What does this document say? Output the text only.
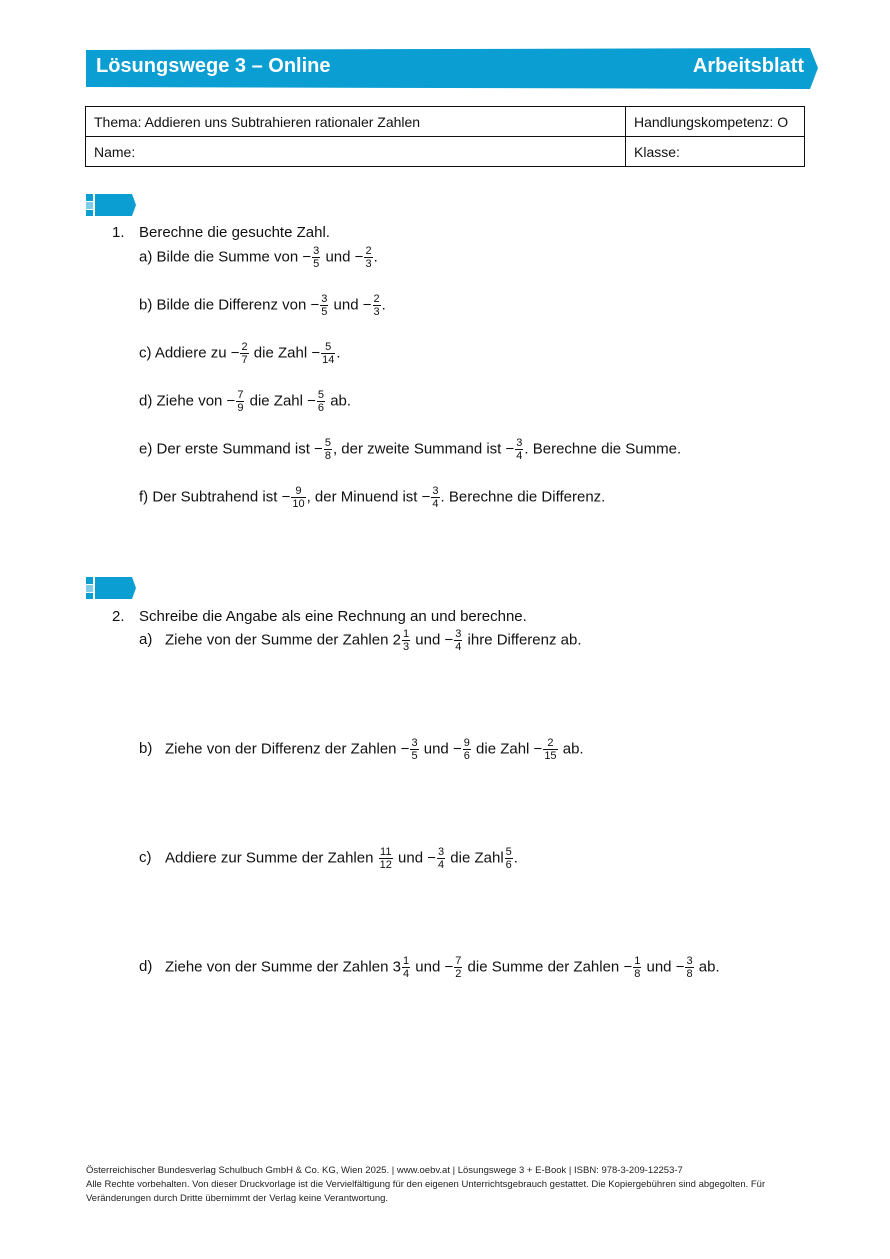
Lösungswege 3 – Online	Arbeitsblatt
Thema: Addieren uns Subtrahieren rationaler Zahlen	Handlungskompetenz: O
Name:	Klasse:
1. Berechne die gesuchte Zahl.
a) Bilde die Summe von − $\frac{3}{5}$ und − $\frac{2}{3}$ .
b) Bilde die Differenz von − $\frac{3}{5}$ und − $\frac{2}{3}$ .
c) Addiere zu − $\frac{2}{7}$ die Zahl − $\frac{5}{14}$ .
d) Ziehe von − $\frac{7}{9}$ die Zahl − $\frac{5}{6}$ ab.
e) Der erste Summand ist − $\frac{5}{8}$ , der zweite Summand ist − $\frac{3}{4}$ . Berechne die Summe.
f) Der Subtrahend ist − $\frac{9}{10}$ , der Minuend ist − $\frac{3}{4}$ . Berechne die Differenz.
2. Schreibe die Angabe als eine Rechnung an und berechne.
a) Ziehe von der Summe der Zahlen $2 \frac{1}{3}$ und − $\frac{3}{4}$ ihre Differenz ab.
b) Ziehe von der Differenz der Zahlen − $\frac{3}{5}$ und − $\frac{9}{6}$ die Zahl − $\frac{2}{15}$ ab.
c) Addiere zur Summe der Zahlen $\frac{11}{12}$ und − $\frac{3}{4}$ die Zahl $\frac{5}{6}$ .
d) Ziehe von der Summe der Zahlen $3 \frac{1}{4}$ und − $\frac{7}{2}$ die Summe der Zahlen − $\frac{1}{8}$ und − $\frac{3}{8}$ ab.
Österreichischer Bundesverlag Schulbuch GmbH & Co. KG, Wien 2025. | www.oebv.at | Lösungswege 3 + E-Book | ISBN: 978-3-209-12253-7
Alle Rechte vorbehalten. Von dieser Druckvorlage ist die Vervielfältigung für den eigenen Unterrichtsgebrauch gestattet. Die Kopiergebühren sind abgegolten. Für Veränderungen durch Dritte übernimmt der Verlag keine Verantwortung.
